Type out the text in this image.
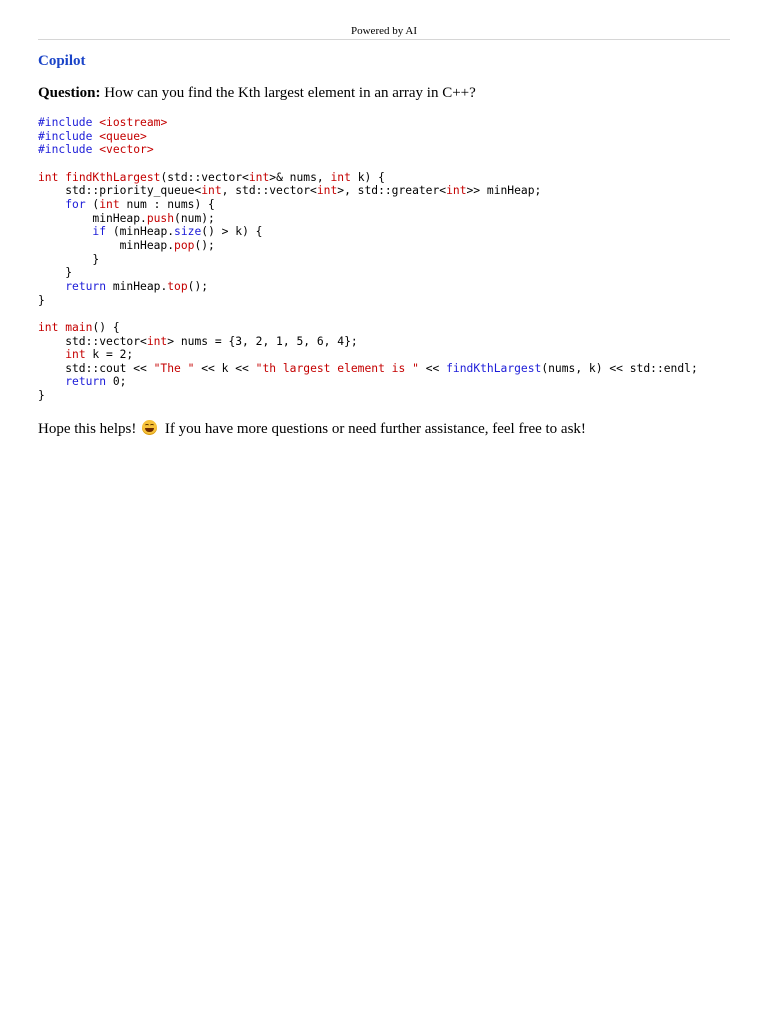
Powered by AI
Copilot
Question: How can you find the Kth largest element in an array in C++?
#include <iostream>
#include <queue>
#include <vector>

int findKthLargest(std::vector<int>& nums, int k) {
std::priority_queue<int, std::vector<int>, std::greater<int>> minHeap;
for (int num : nums) {
minHeap.push(num);
if (minHeap.size() > k) {
minHeap.pop();
}
}
return minHeap.top();
}

int main() {
std::vector<int> nums = {3, 2, 1, 5, 6, 4};
int k = 2;
std::cout << "The " << k << "th largest element is " << findKthLargest(nums, k) << std::endl;
return 0;
}
Hope this helps! If you have more questions or need further assistance, feel free to ask!
